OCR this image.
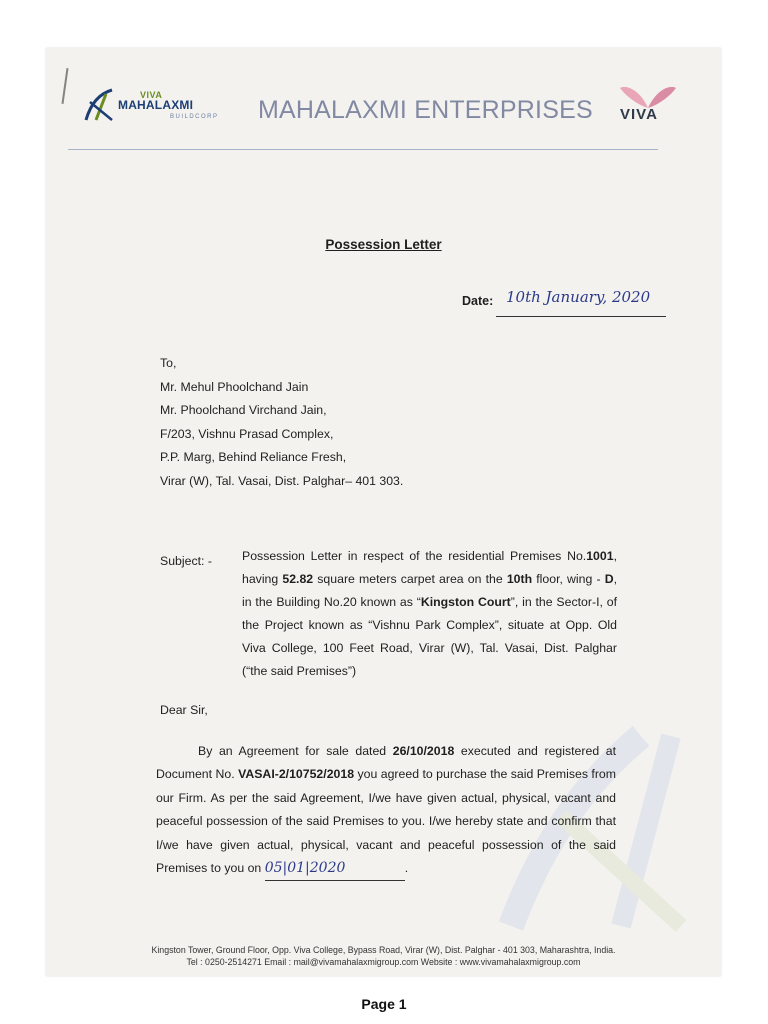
VIVA
MAHALAXMI
BUILDCORP MAHALAXMI ENTERPRISES VIVA
Possession Letter
Date: 10th January, 2020
To,
Mr. Mehul Phoolchand Jain
Mr. Phoolchand Virchand Jain,
F/203, Vishnu Prasad Complex,
P.P. Marg, Behind Reliance Fresh,
Virar (W), Tal. Vasai, Dist. Palghar– 401 303.
Subject: - Possession Letter in respect of the residential Premises No.1001, having 52.82 square meters carpet area on the 10th floor, wing - D, in the Building No.20 known as “Kingston Court”, in the Sector-I, of the Project known as “Vishnu Park Complex”, situate at Opp. Old Viva College, 100 Feet Road, Virar (W), Tal. Vasai, Dist. Palghar (“the said Premises”)
Dear Sir,
By an Agreement for sale dated 26/10/2018 executed and registered at Document No. VASAI-2/10752/2018 you agreed to purchase the said Premises from our Firm. As per the said Agreement, I/we have given actual, physical, vacant and peaceful possession of the said Premises to you. I/we hereby state and confirm that I/we have given actual, physical, vacant and peaceful possession of the said Premises to you on 05|01|2020	.
Kingston Tower, Ground Floor, Opp. Viva College, Bypass Road, Virar (W), Dist. Palghar - 401 303, Maharashtra, India.
Tel : 0250-2514271 Email : mail@vivamahalaxmigroup.com Website : www.vivamahalaxmigroup.com
Page 1
